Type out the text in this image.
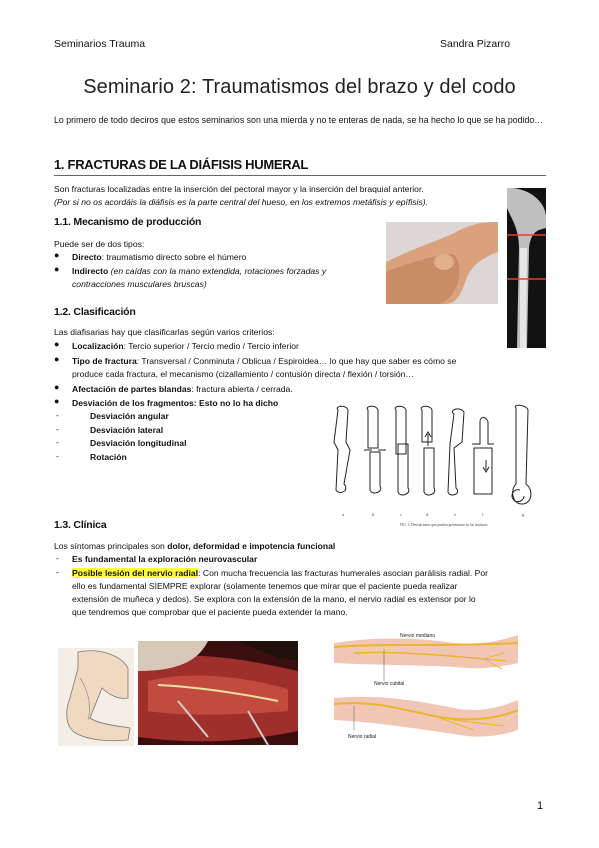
Seminarios Trauma	Sandra Pizarro
Seminario 2: Traumatismos del brazo y del codo
Lo primero de todo deciros que estos seminarios son una mierda y no te enteras de nada, se ha hecho lo que se ha podido…
1. FRACTURAS DE LA DIÁFISIS HUMERAL
Son fracturas localizadas entre la inserción del pectoral mayor y la inserción del braquial anterior.
(Por si no os acordáis la diáfisis es la parte central del hueso, en los extremos metáfisis y epífisis).
1.1. Mecanismo de producción
Puede ser de dos tipos:
● Directo: traumatismo directo sobre el húmero
● Indirecto (en caídas con la mano extendida, rotaciones forzadas y
contracciones musculares bruscas)
1.2. Clasificación
Las diafisarias hay que clasificarlas según varios criterios:
● Localización: Tercio superior / Tercio medio / Tercio inferior
● Tipo de fractura: Transversal / Conminuta / Oblicua / Espiroidea… lo que hay que saber es cómo se
produce cada fractura, el mecanismo (cizallamiento / contusión directa / flexión / torsión…
● Afectación de partes blandas: fractura abierta / cerrada.
● Desviación de los fragmentos: Esto no lo ha dicho
-	Desviación angular
-	Desviación lateral
-	Desviación longitudinal
-	Rotación
a	b	c	d	e	f	g
FIG. 3. Desviaciones que pueden presentarse en las fracturas
1.3. Clínica
Los síntomas principales son dolor, deformidad e impotencia funcional
- Es fundamental la exploración neurovascular
- Posible lesión del nervio radial: Con mucha frecuencia las fracturas humerales asocian parálisis radial. Por
ello es fundamental SIEMPRE explorar (solamente tenemos que mirar que el paciente pueda realizar
extensión de muñeca y dedos). Se explora con la extensión de la mano, el nervio radial es extensor por lo
que tendremos que comprobar que el paciente pueda extender la mano.
Nervio mediano
Nervio cubital
Nervio radial
1
